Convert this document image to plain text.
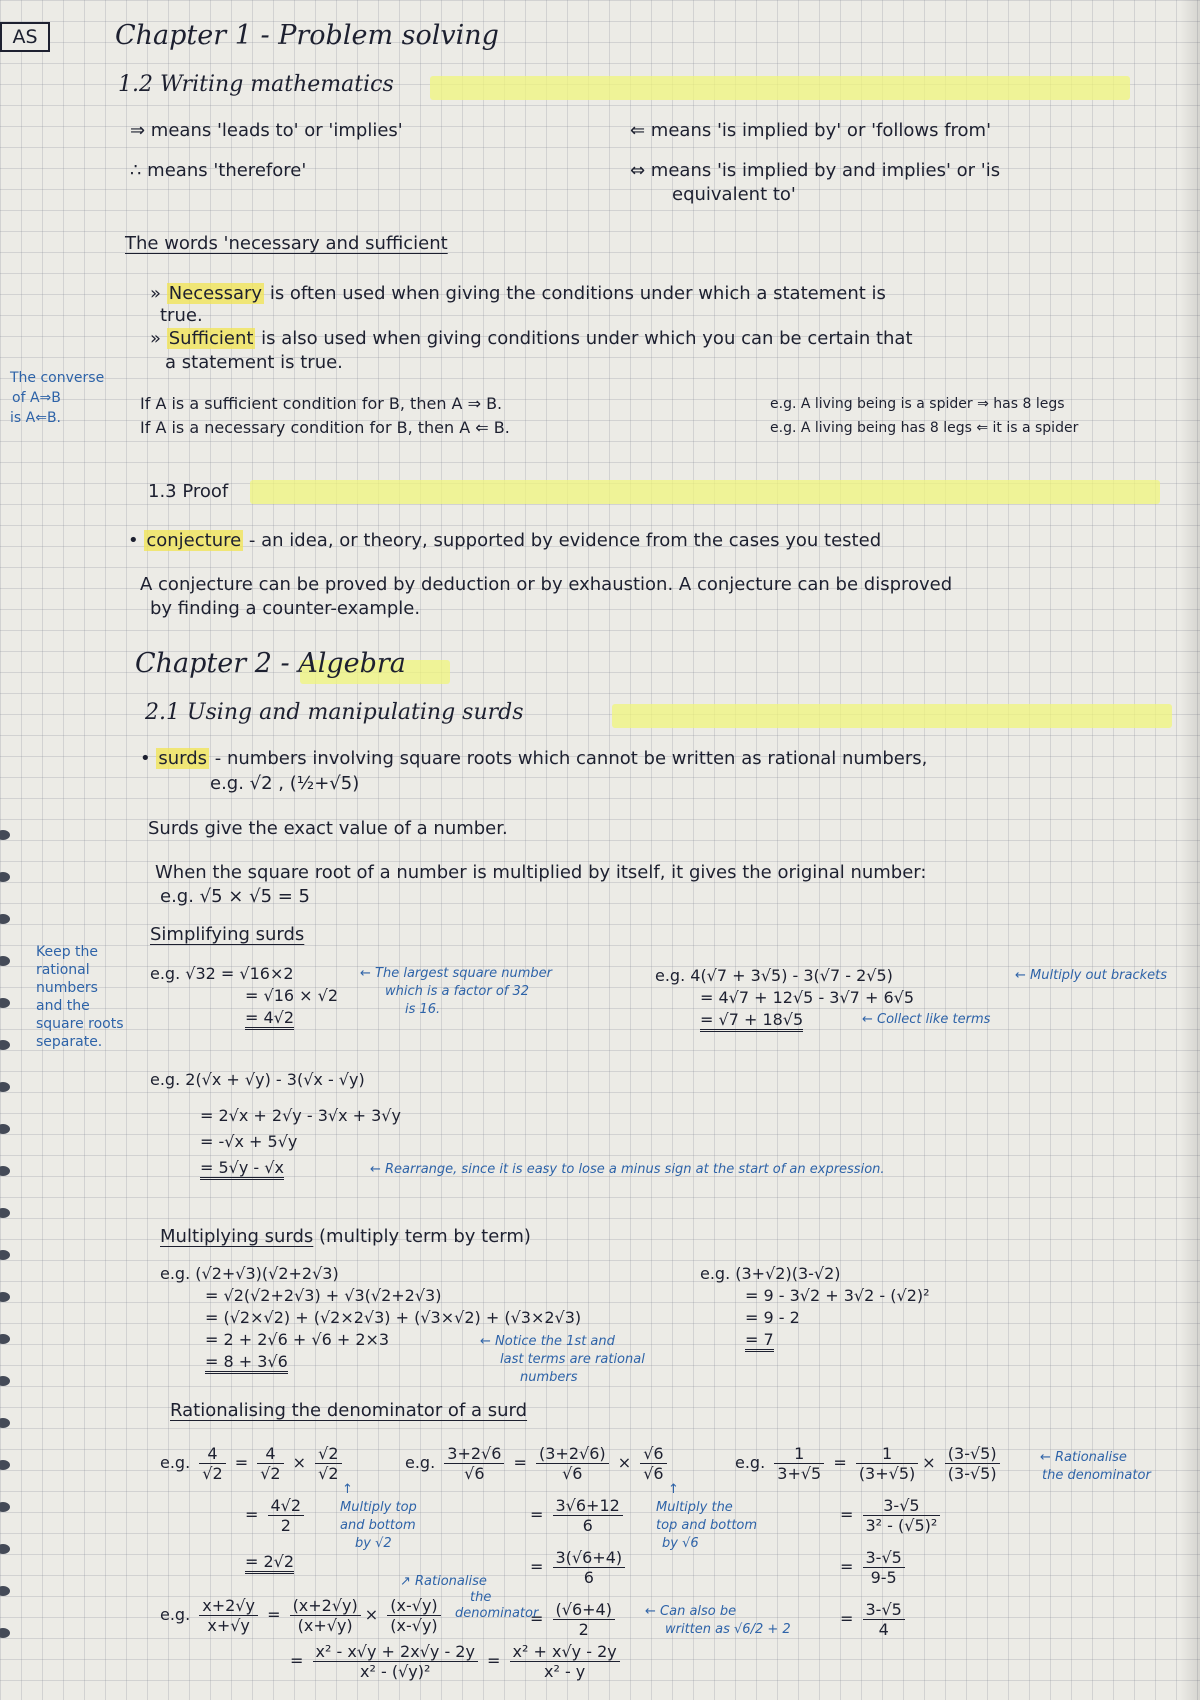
AS	Chapter 1 - Problem solving
1.2 Writing mathematics
⇒ means 'leads to' or 'implies'
∴ means 'therefore'
⇐ means 'is implied by' or 'follows from'
⇔ means 'is implied by and implies' or 'is
equivalent to'
The words 'necessary and sufficient
» Necessary is often used when giving the conditions under which a statement is
true.
» Sufficient is also used when giving conditions under which you can be certain that
a statement is true.
The converse
of A⇒B
is A⇐B.
If A is a sufficient condition for B, then A ⇒ B.	e.g. A living being is a spider ⇒ has 8 legs
If A is a necessary condition for B, then A ⇐ B.	e.g. A living being has 8 legs ⇐ it is a spider
1.3 Proof
• conjecture - an idea, or theory, supported by evidence from the cases you tested
A conjecture can be proved by deduction or by exhaustion. A conjecture can be disproved
by finding a counter-example.
Chapter 2 - Algebra
2.1 Using and manipulating surds
• surds - numbers involving square roots which cannot be written as rational numbers,
e.g. √2 , (½+√5)
Surds give the exact value of a number.
When the square root of a number is multiplied by itself, it gives the original number:
e.g. √5 × √5 = 5
Simplifying surds
Keep the
rational
numbers
and the
square roots
separate.
e.g. √32 = √16×2
= √16 × √2
= 4√2
← The largest square number
which is a factor of 32
is 16.
e.g. 4(√7 + 3√5) - 3(√7 - 2√5)
= 4√7 + 12√5 - 3√7 + 6√5
= √7 + 18√5
← Multiply out brackets
← Collect like terms
e.g. 2(√x + √y) - 3(√x - √y)
= 2√x + 2√y - 3√x + 3√y
= -√x + 5√y
= 5√y - √x	← Rearrange, since it is easy to lose a minus sign at the start of an expression.
Multiplying surds (multiply term by term)
e.g. (√2+√3)(√2+2√3)
= √2(√2+2√3) + √3(√2+2√3)
= (√2×√2) + (√2×2√3) + (√3×√2) + (√3×2√3)
= 2 + 2√6 + √6 + 2×3
= 8 + 3√6
← Notice the 1st and
last terms are rational
numbers
e.g. (3+√2)(3-√2)
= 9 - 3√2 + 3√2 - (√2)²
= 9 - 2
= 7
Rationalising the denominator of a surd
e.g. $\frac{4}{√2} = \frac{4}{√2} \times \frac{√2}{√2}$
= $\frac{4√2}{2}$
= 2√2
↑
Multiply top
and bottom
by √2
e.g. $\frac{3+2√6}{√6} = \frac{(3+2√6)}{√6} \times \frac{√6}{√6}$
= $\frac{3√6+12}{6}$
= $\frac{3(√6+4)}{6}$
= $\frac{(√6+4)}{2}$
↑
Multiply the
top and bottom
by √6
← Can also be
written as √6/2 + 2
e.g. $\frac{1}{3+√5} = \frac{1}{(3+√5)} \times \frac{(3-√5)}{(3-√5)}$
= $\frac{3-√5}{\text{3² - (√5)²}}$
= $\frac{3-√5}{9-5}$
= $\frac{3-√5}{4}$
← Rationalise
the denominator
e.g. $\frac{x+2√y}{x+√y} = \frac{(x+2√y)}{(x+√y)} \times \frac{(x-√y)}{(x-√y)}$
= $\frac{\text{x² - x√y + 2x√y - 2y}}{\text{x² - (√y)²}} = \frac{\text{x² + x√y - 2y}}{\text{x² - y}}$
↗ Rationalise
the
denominator
